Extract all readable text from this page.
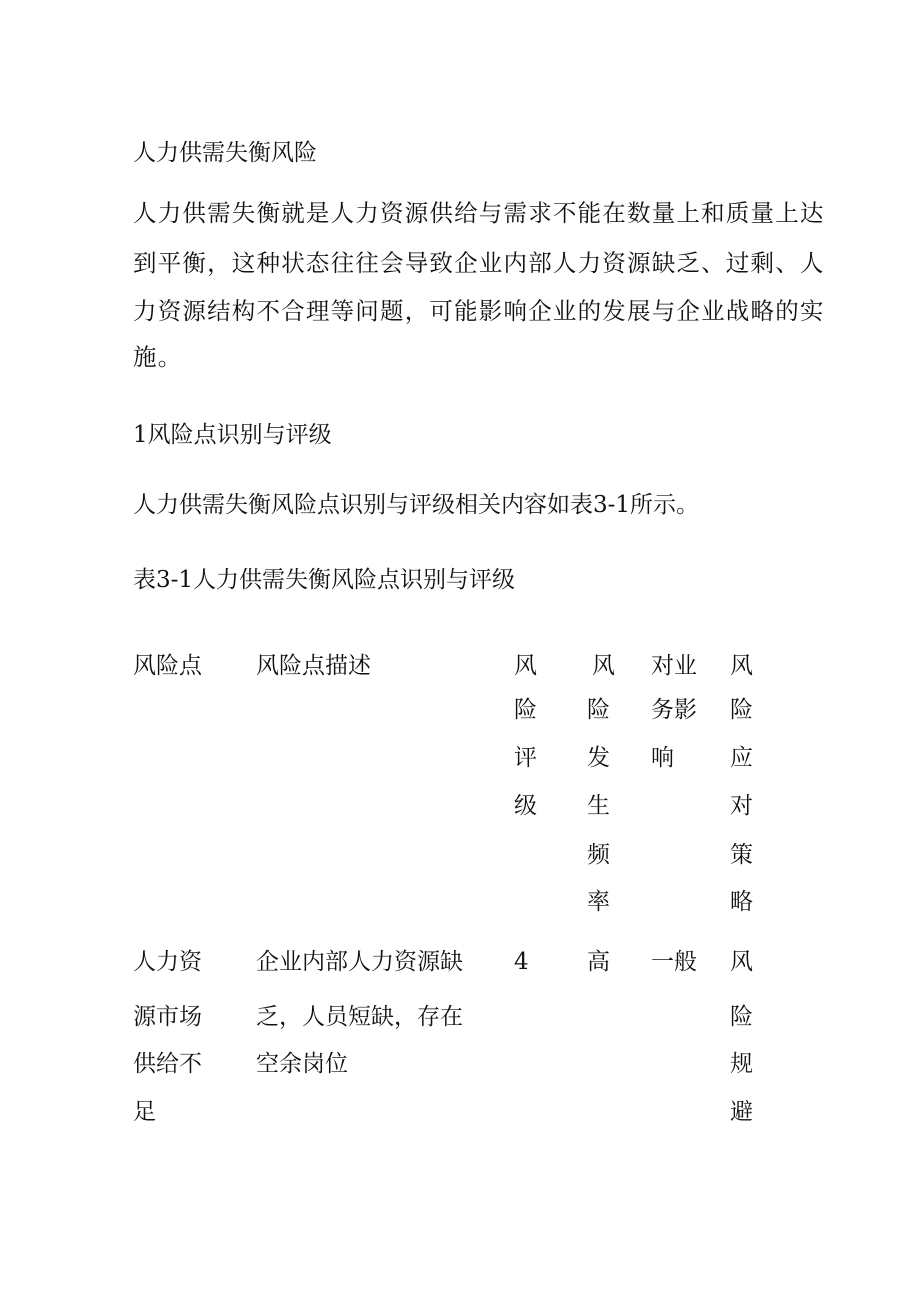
人力供需失衡风险
人力供需失衡就是人力资源供给与需求不能在数量上和质量上达
到平衡，这种状态往往会导致企业内部人力资源缺乏、过剩、人
力资源结构不合理等问题，可能影响企业的发展与企业战略的实
施。
1风险点识别与评级
人力供需失衡风险点识别与评级相关内容如表3-1所示。
表3-1人力供需失衡风险点识别与评级
风险点 风险点描述	风
险
评
级
风
险
发
生
频
率
对业
务影
响
风
险
应
对
策
略
人力资
源市场
供给不
足
企业内部人力资源缺
乏，人员短缺，存在
空余岗位
4	高 一般 风
险
规
避
